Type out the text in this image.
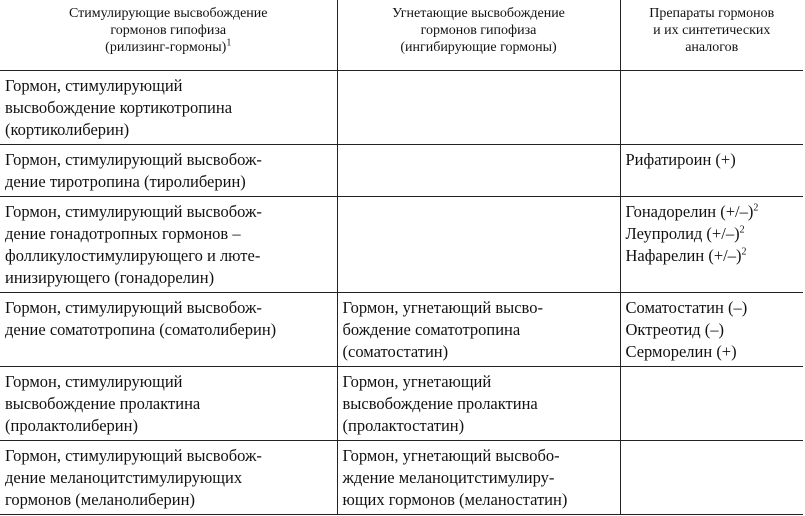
Стимулирующие высвобождение
гормонов гипофиза
(рилизинг-гормоны)$^1$	Угнетающие высвобождение
гормонов гипофиза
(ингибирующие гормоны)	Препараты гормонов
и их синтетических
аналогов

Гормон, стимулирующий
высвобождение кортикотропина
(кортиколиберин)		

Гормон, стимулирующий высвобож-
дение тиротропина (тиролиберин)		Рифатироин (+)

Гормон, стимулирующий высвобож-
дение гонадотропных гормонов –
фолликулостимулирующего и люте-
инизирующего (гонадорелин)		Гонадорелин $(+/-)^2$
Леупролид $(+/-)^2$
Нафарелин $(+/-)^2$

Гормон, стимулирующий высвобож-
дение соматотропина (соматолиберин)	Гормон, угнетающий высво-
бождение соматотропина
(соматостатин)	Соматостатин (–)
Октреотид (–)
Серморелин (+)

Гормон, стимулирующий
высвобождение пролактина
(пролактолиберин)	Гормон, угнетающий
высвобождение пролактина
(пролактостатин)	

Гормон, стимулирующий высвобож-
дение меланоцитстимулирующих
гормонов (меланолиберин)	Гормон, угнетающий высвобо-
ждение меланоцитстимулиру-
ющих гормонов (меланостатин)	
